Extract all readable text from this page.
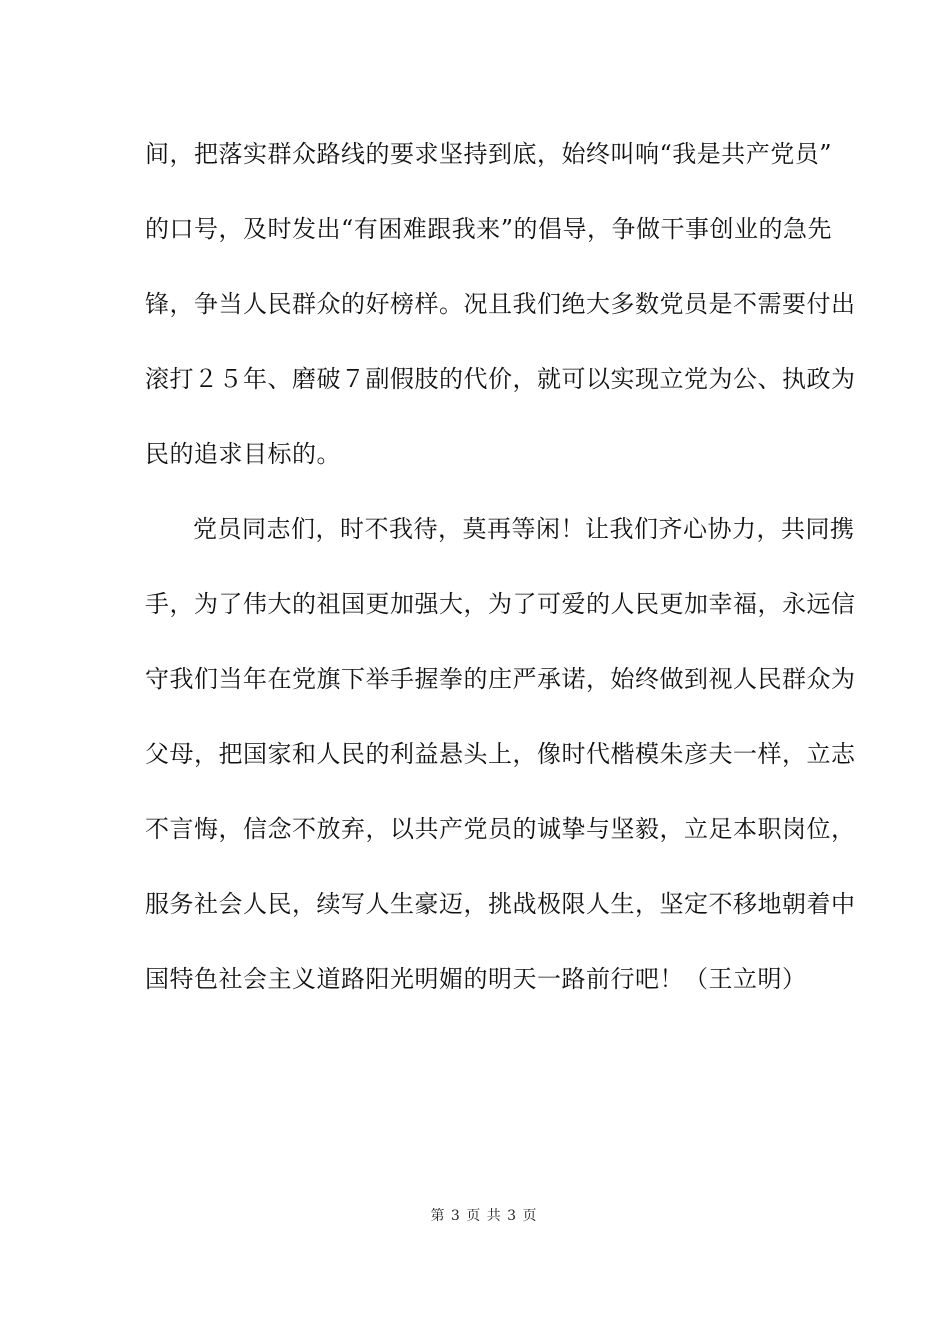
间，把落实群众路线的要求坚持到底，始终叫响“我是共产党员”
的口号，及时发出“有困难跟我来”的倡导，争做干事创业的急先
锋，争当人民群众的好榜样。况且我们绝大多数党员是不需要付出
滚打２５年、磨破７副假肢的代价，就可以实现立党为公、执政为
民的追求目标的。
党员同志们，时不我待，莫再等闲！让我们齐心协力，共同携
手，为了伟大的祖国更加强大，为了可爱的人民更加幸福，永远信
守我们当年在党旗下举手握拳的庄严承诺，始终做到视人民群众为
父母，把国家和人民的利益悬头上，像时代楷模朱彦夫一样，立志
不言悔，信念不放弃，以共产党员的诚挚与坚毅，立足本职岗位，
服务社会人民，续写人生豪迈，挑战极限人生，坚定不移地朝着中
国特色社会主义道路阳光明媚的明天一路前行吧！（王立明）
第 3 页 共 3 页
